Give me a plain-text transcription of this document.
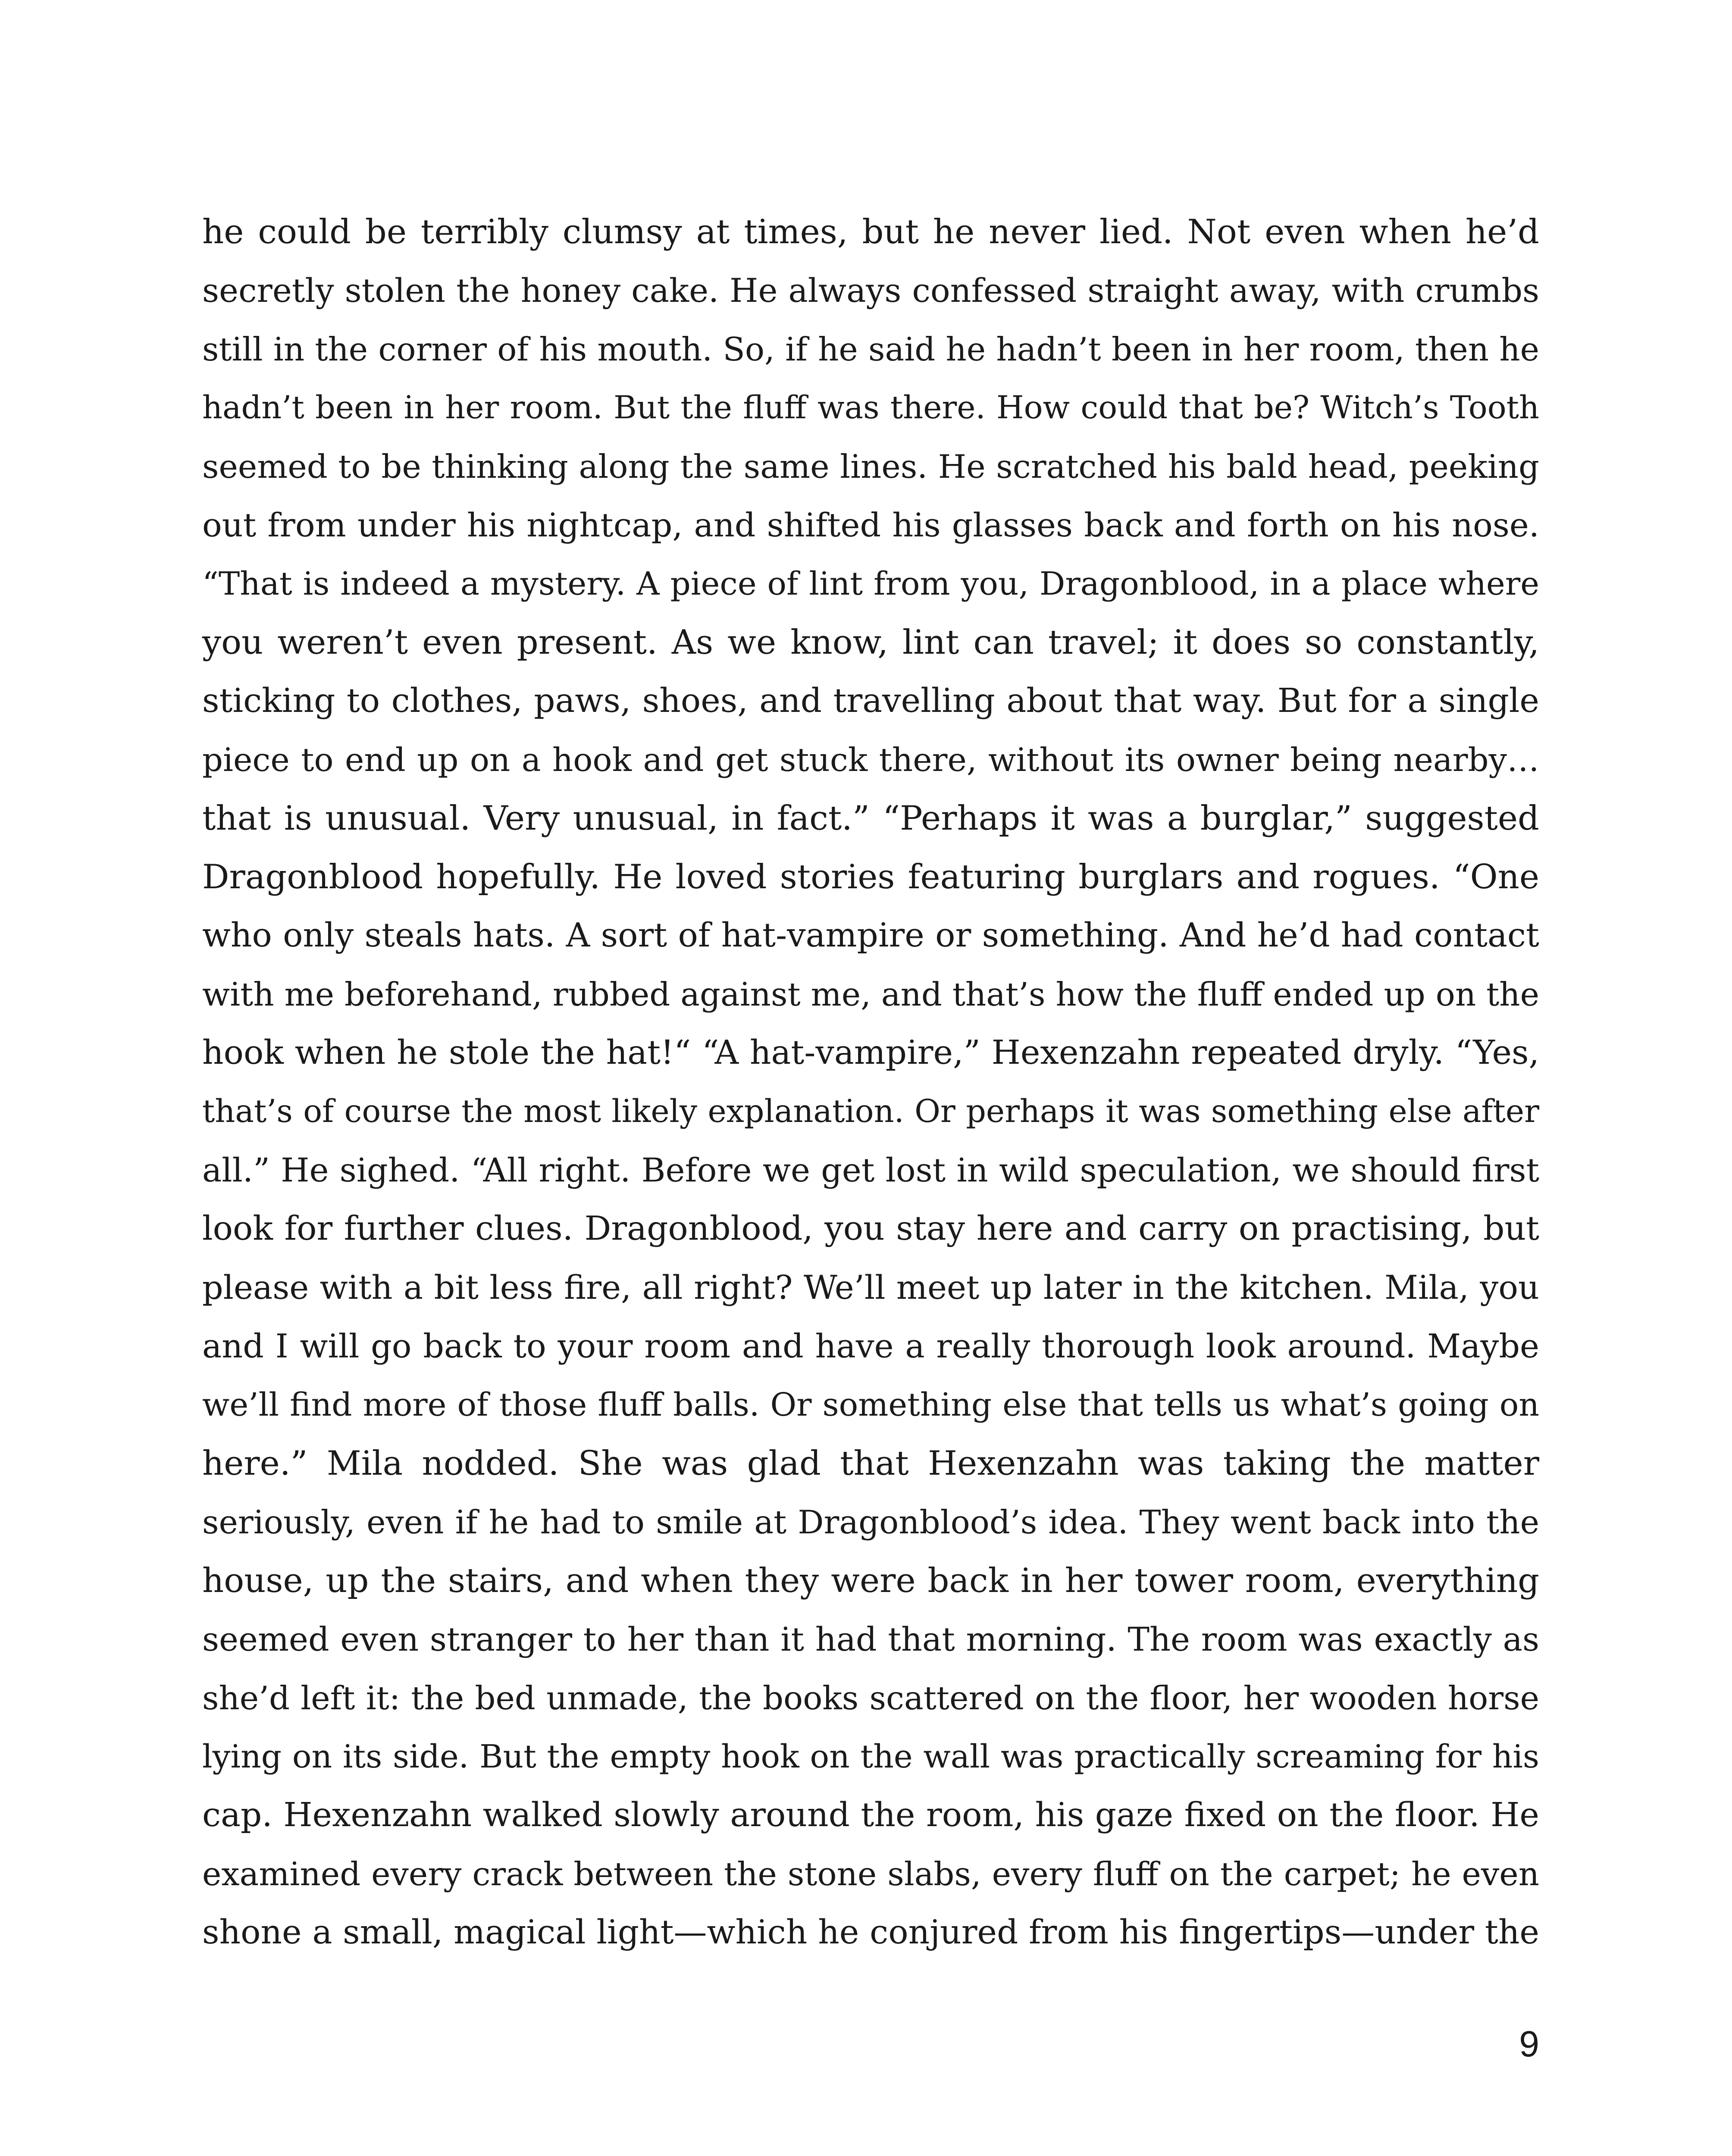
he could be terribly clumsy at times, but he never lied. Not even when he’d
secretly stolen the honey cake. He always confessed straight away, with crumbs
still in the corner of his mouth. So, if he said he hadn’t been in her room, then he
hadn’t been in her room. But the fluff was there. How could that be? Witch’s Tooth
seemed to be thinking along the same lines. He scratched his bald head, peeking
out from under his nightcap, and shifted his glasses back and forth on his nose.
“That is indeed a mystery. A piece of lint from you, Dragonblood, in a place where
you weren’t even present. As we know, lint can travel; it does so constantly,
sticking to clothes, paws, shoes, and travelling about that way. But for a single
piece to end up on a hook and get stuck there, without its owner being nearby…
that is unusual. Very unusual, in fact.” “Perhaps it was a burglar,” suggested
Dragonblood hopefully. He loved stories featuring burglars and rogues. “One
who only steals hats. A sort of hat-vampire or something. And he’d had contact
with me beforehand, rubbed against me, and that’s how the fluff ended up on the
hook when he stole the hat!“ “A hat-vampire,” Hexenzahn repeated dryly. “Yes,
that’s of course the most likely explanation. Or perhaps it was something else after
all.” He sighed. “All right. Before we get lost in wild speculation, we should first
look for further clues. Dragonblood, you stay here and carry on practising, but
please with a bit less fire, all right? We’ll meet up later in the kitchen. Mila, you
and I will go back to your room and have a really thorough look around. Maybe
we’ll find more of those fluff balls. Or something else that tells us what’s going on
here.” Mila nodded. She was glad that Hexenzahn was taking the matter
seriously, even if he had to smile at Dragonblood’s idea. They went back into the
house, up the stairs, and when they were back in her tower room, everything
seemed even stranger to her than it had that morning. The room was exactly as
she’d left it: the bed unmade, the books scattered on the floor, her wooden horse
lying on its side. But the empty hook on the wall was practically screaming for his
cap. Hexenzahn walked slowly around the room, his gaze fixed on the floor. He
examined every crack between the stone slabs, every fluff on the carpet; he even
shone a small, magical light—which he conjured from his fingertips—under the
9
